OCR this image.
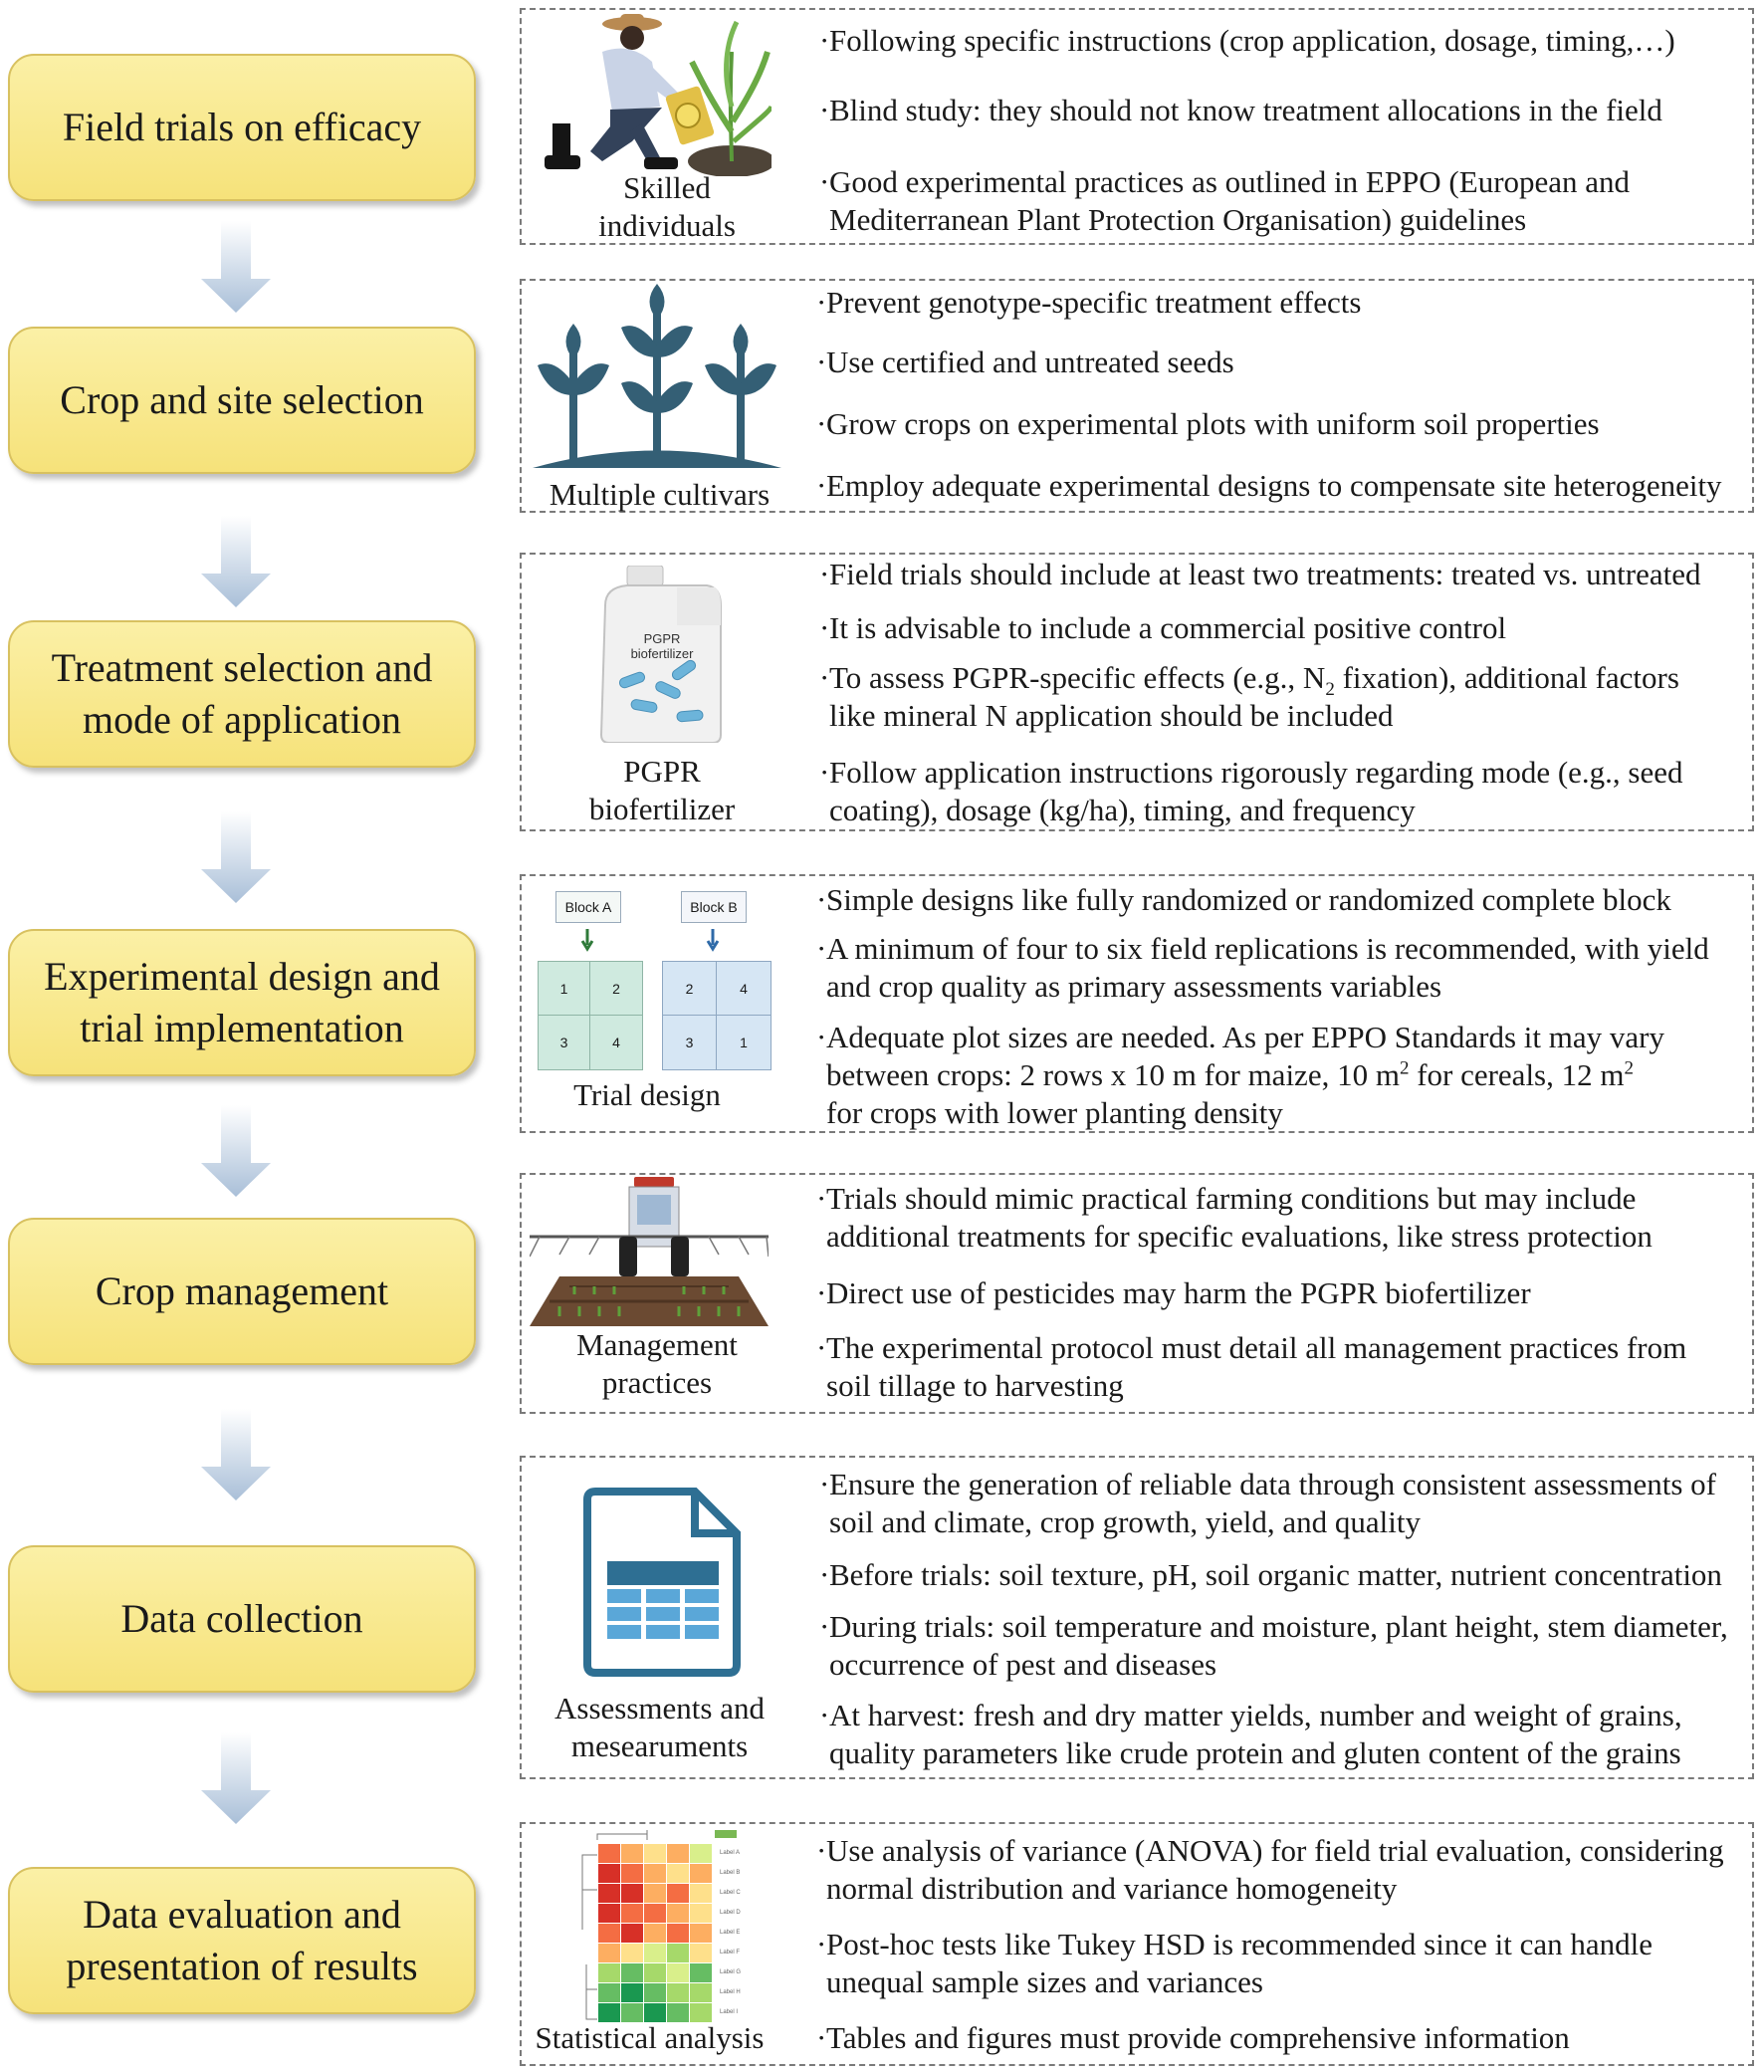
Field trials on efficacy
Crop and site selection
Treatment selection and
mode of application
Experimental design and
trial implementation
Crop management
Data collection
Data evaluation and
presentation of results
Skilled
individuals
· Following specific instructions (crop application, dosage, timing,…)
· Blind study: they should not know treatment allocations in the field
· Good experimental practices as outlined in EPPO (European and
Mediterranean Plant Protection Organisation) guidelines
Multiple cultivars
· Prevent genotype-specific treatment effects
· Use certified and untreated seeds
· Grow crops on experimental plots with uniform soil properties
· Employ adequate experimental designs to compensate site heterogeneity
PGPR
biofertilizer
PGPR
biofertilizer
· Field trials should include at least two treatments: treated vs. untreated
· It is advisable to include a commercial positive control
· To assess PGPR-specific effects (e.g., $N_2$ fixation), additional factors
like mineral N application should be included
· Follow application instructions rigorously regarding mode (e.g., seed
coating), dosage (kg/ha), timing, and frequency
Block A	Block B
1	2
3	4
2	4
3	1
Trial design
· Simple designs like fully randomized or randomized complete block
· A minimum of four to six field replications is recommended, with yield
and crop quality as primary assessments variables
· Adequate plot sizes are needed. As per EPPO Standards it may vary
between crops: 2 rows x 10 m for maize, 10 $m^2$ for cereals, 12 $m^2$
for crops with lower planting density
Management
practices
· Trials should mimic practical farming conditions but may include
additional treatments for specific evaluations, like stress protection
· Direct use of pesticides may harm the PGPR biofertilizer
· The experimental protocol must detail all management practices from
soil tillage to harvesting
Assessments and
mesearuments
· Ensure the generation of reliable data through consistent assessments of
soil and climate, crop growth, yield, and quality
· Before trials: soil texture, pH, soil organic matter, nutrient concentration
· During trials: soil temperature and moisture, plant height, stem diameter,
occurrence of pest and diseases
· At harvest: fresh and dry matter yields, number and weight of grains,
quality parameters like crude protein and gluten content of the grains
Label A
Label B
Label C
Label D
Label E
Label F
Label G
Label H
Label I
Statistical analysis
· Use analysis of variance (ANOVA) for field trial evaluation, considering
normal distribution and variance homogeneity
· Post-hoc tests like Tukey HSD is recommended since it can handle
unequal sample sizes and variances
· Tables and figures must provide comprehensive information
